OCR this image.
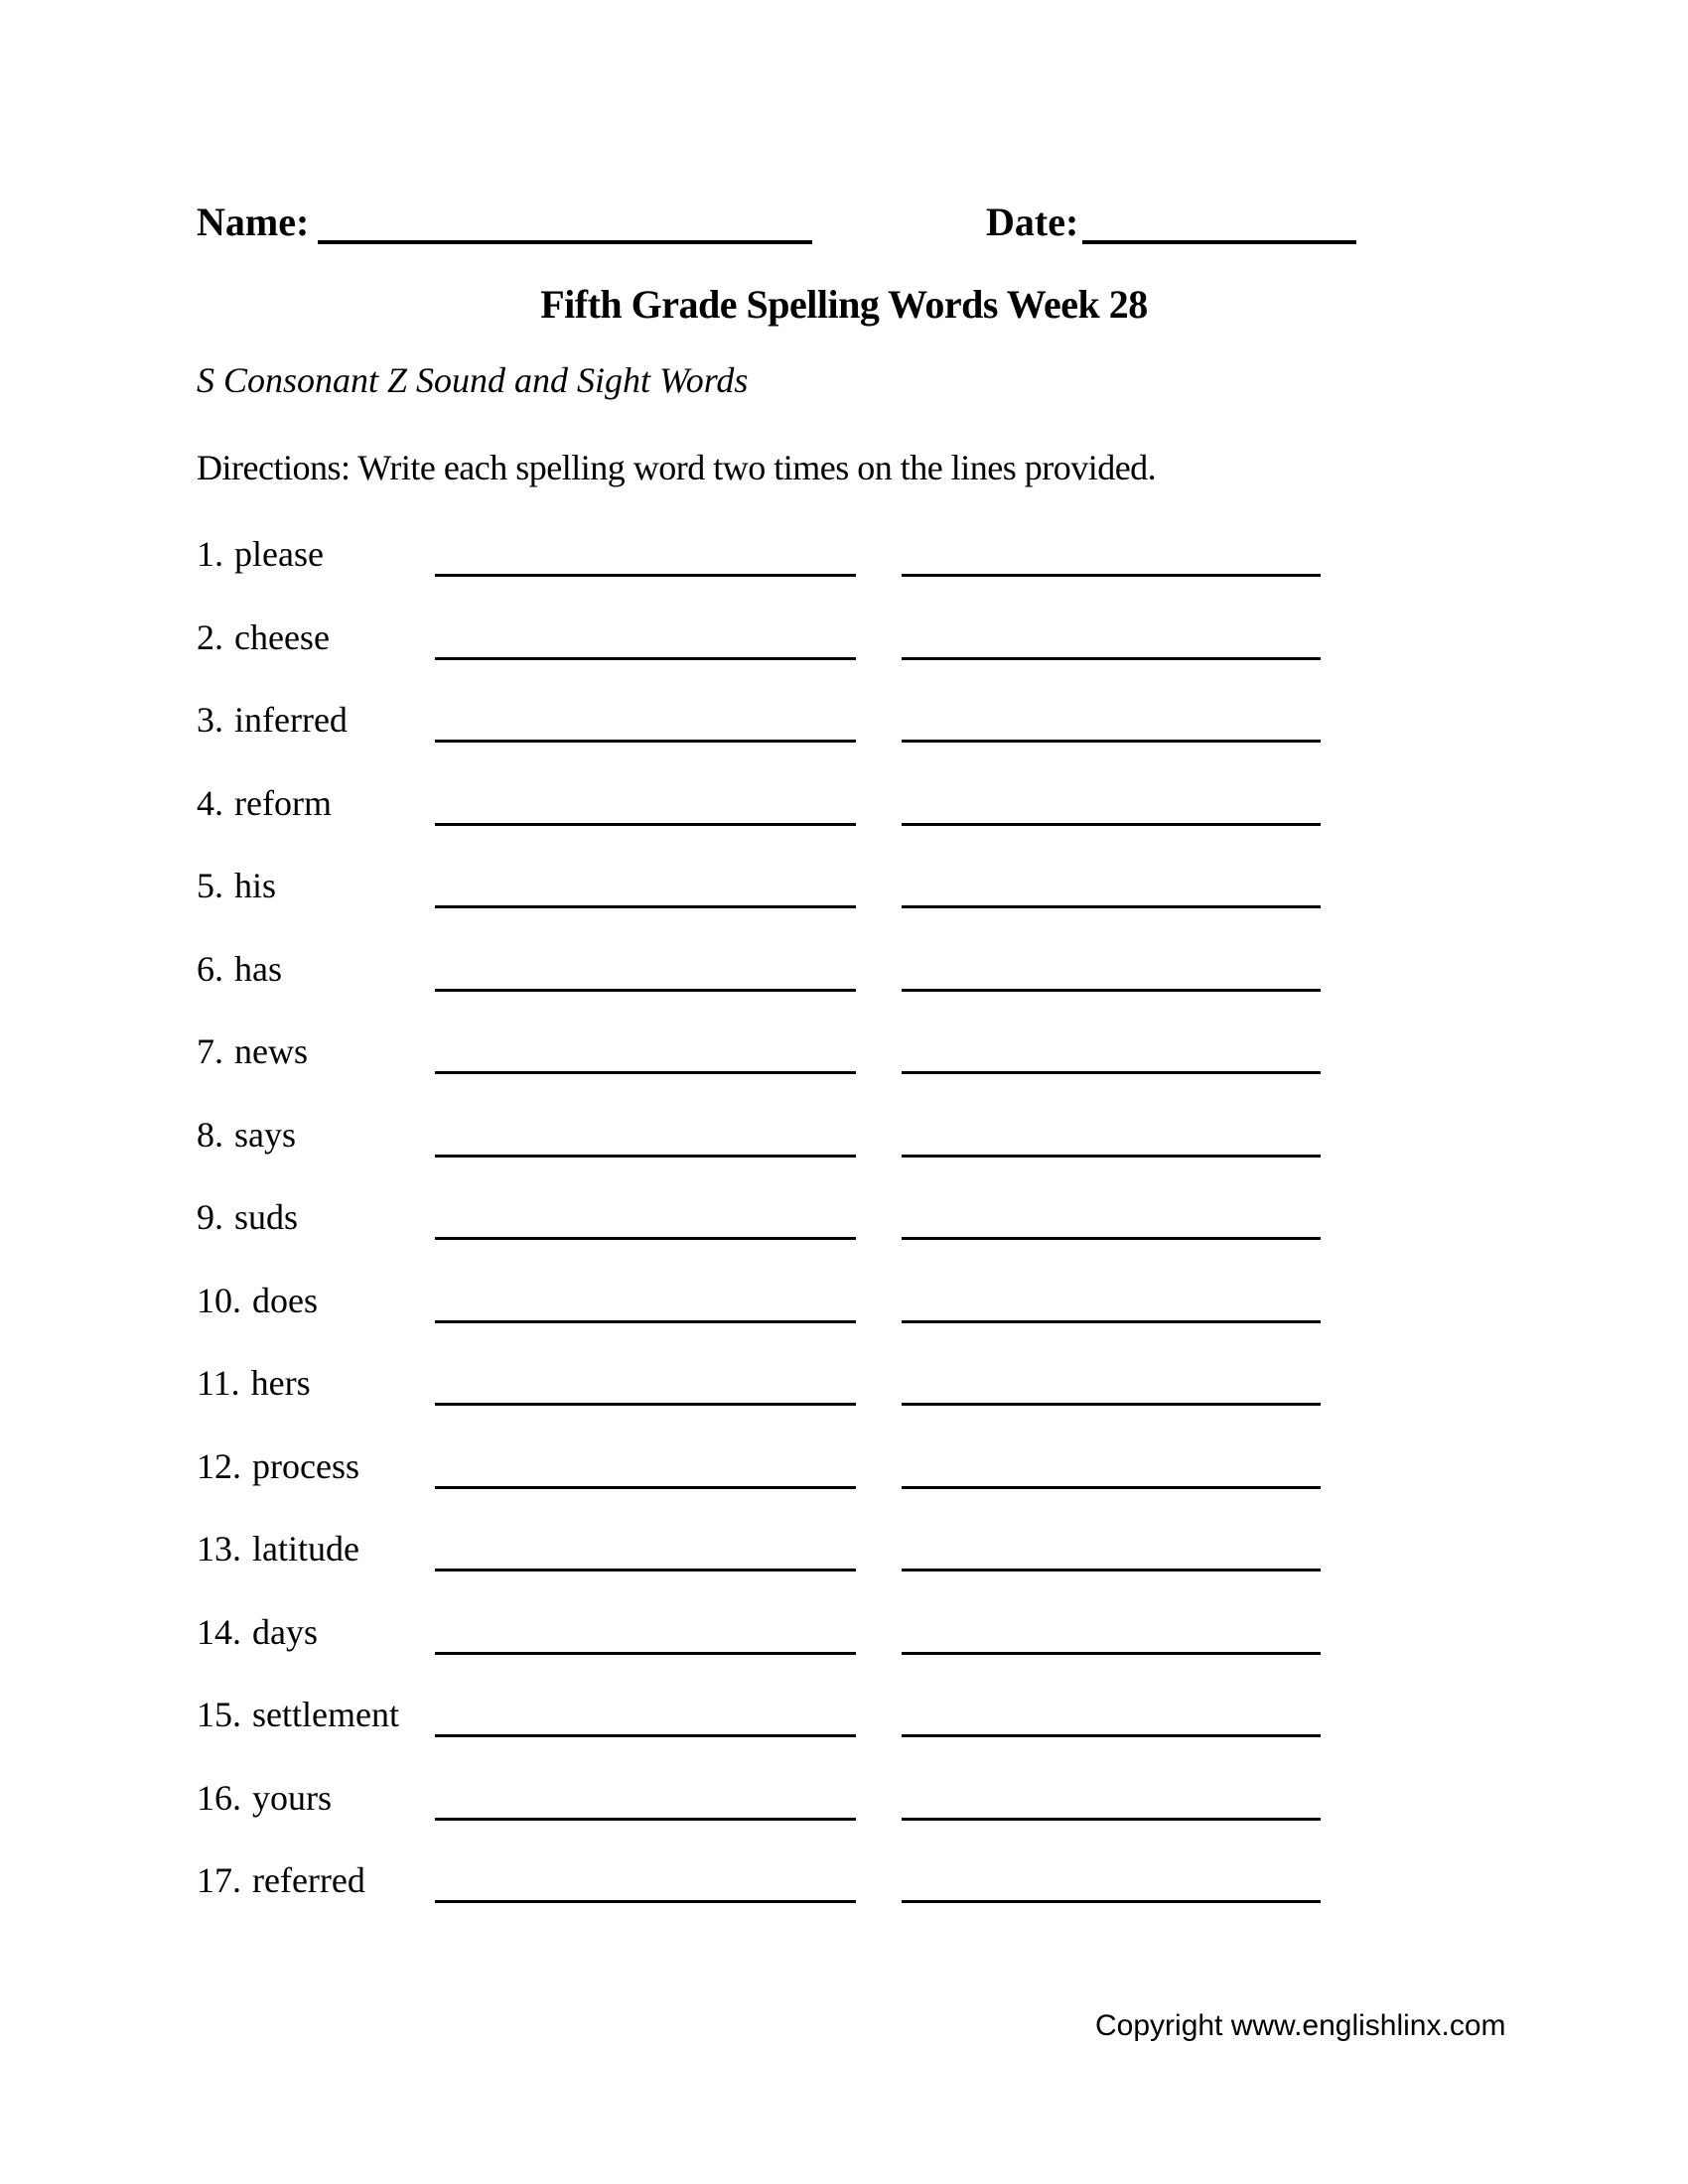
Name:	Date:
Fifth Grade Spelling Words Week 28
S Consonant Z Sound and Sight Words
Directions: Write each spelling word two times on the lines provided.
1. please
2. cheese
3. inferred
4. reform
5. his
6. has
7. news
8. says
9. suds
10. does
11. hers
12. process
13. latitude
14. days
15. settlement
16. yours
17. referred
Copyright www.englishlinx.com
